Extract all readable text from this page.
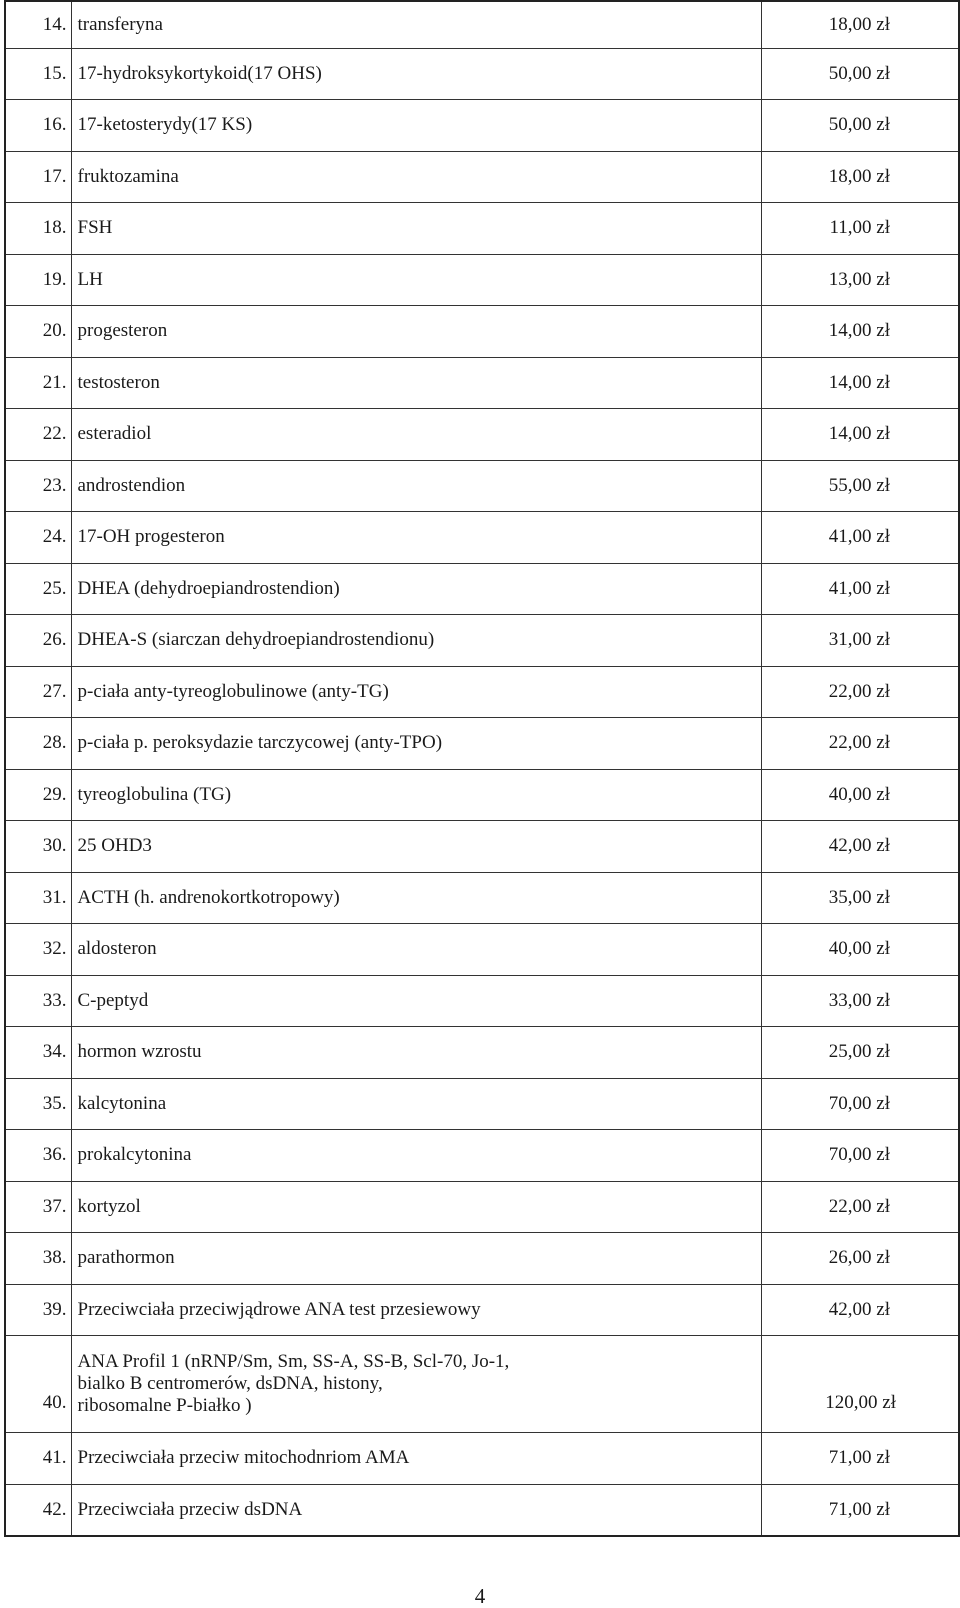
14.	transferyna	18,00 zł
15.	17-hydroksykortykoid(17 OHS)	50,00 zł
16.	17-ketosterydy(17 KS)	50,00 zł
17.	fruktozamina	18,00 zł
18.	FSH	11,00 zł
19.	LH	13,00 zł
20.	progesteron	14,00 zł
21.	testosteron	14,00 zł
22.	esteradiol	14,00 zł
23.	androstendion	55,00 zł
24.	17-OH progesteron	41,00 zł
25.	DHEA (dehydroepiandrostendion)	41,00 zł
26.	DHEA-S (siarczan dehydroepiandrostendionu)	31,00 zł
27.	p-ciała anty-tyreoglobulinowe (anty-TG)	22,00 zł
28.	p-ciała p. peroksydazie tarczycowej (anty-TPO)	22,00 zł
29.	tyreoglobulina (TG)	40,00 zł
30.	25 OHD3	42,00 zł
31.	ACTH (h. andrenokortkotropowy)	35,00 zł
32.	aldosteron	40,00 zł
33.	C-peptyd	33,00 zł
34.	hormon wzrostu	25,00 zł
35.	kalcytonina	70,00 zł
36.	prokalcytonina	70,00 zł
37.	kortyzol	22,00 zł
38.	parathormon	26,00 zł
39.	Przeciwciała przeciwjądrowe ANA test przesiewowy	42,00 zł
40.	ANA Profil 1 (nRNP/Sm, Sm, SS-A, SS-B, Scl-70, Jo-1,
bialko B centromerów, dsDNA, histony,
ribosomalne P-białko )	120,00 zł
41.	Przeciwciała przeciw mitochodnriom AMA	71,00 zł
42.	Przeciwciała przeciw dsDNA	71,00 zł
4
